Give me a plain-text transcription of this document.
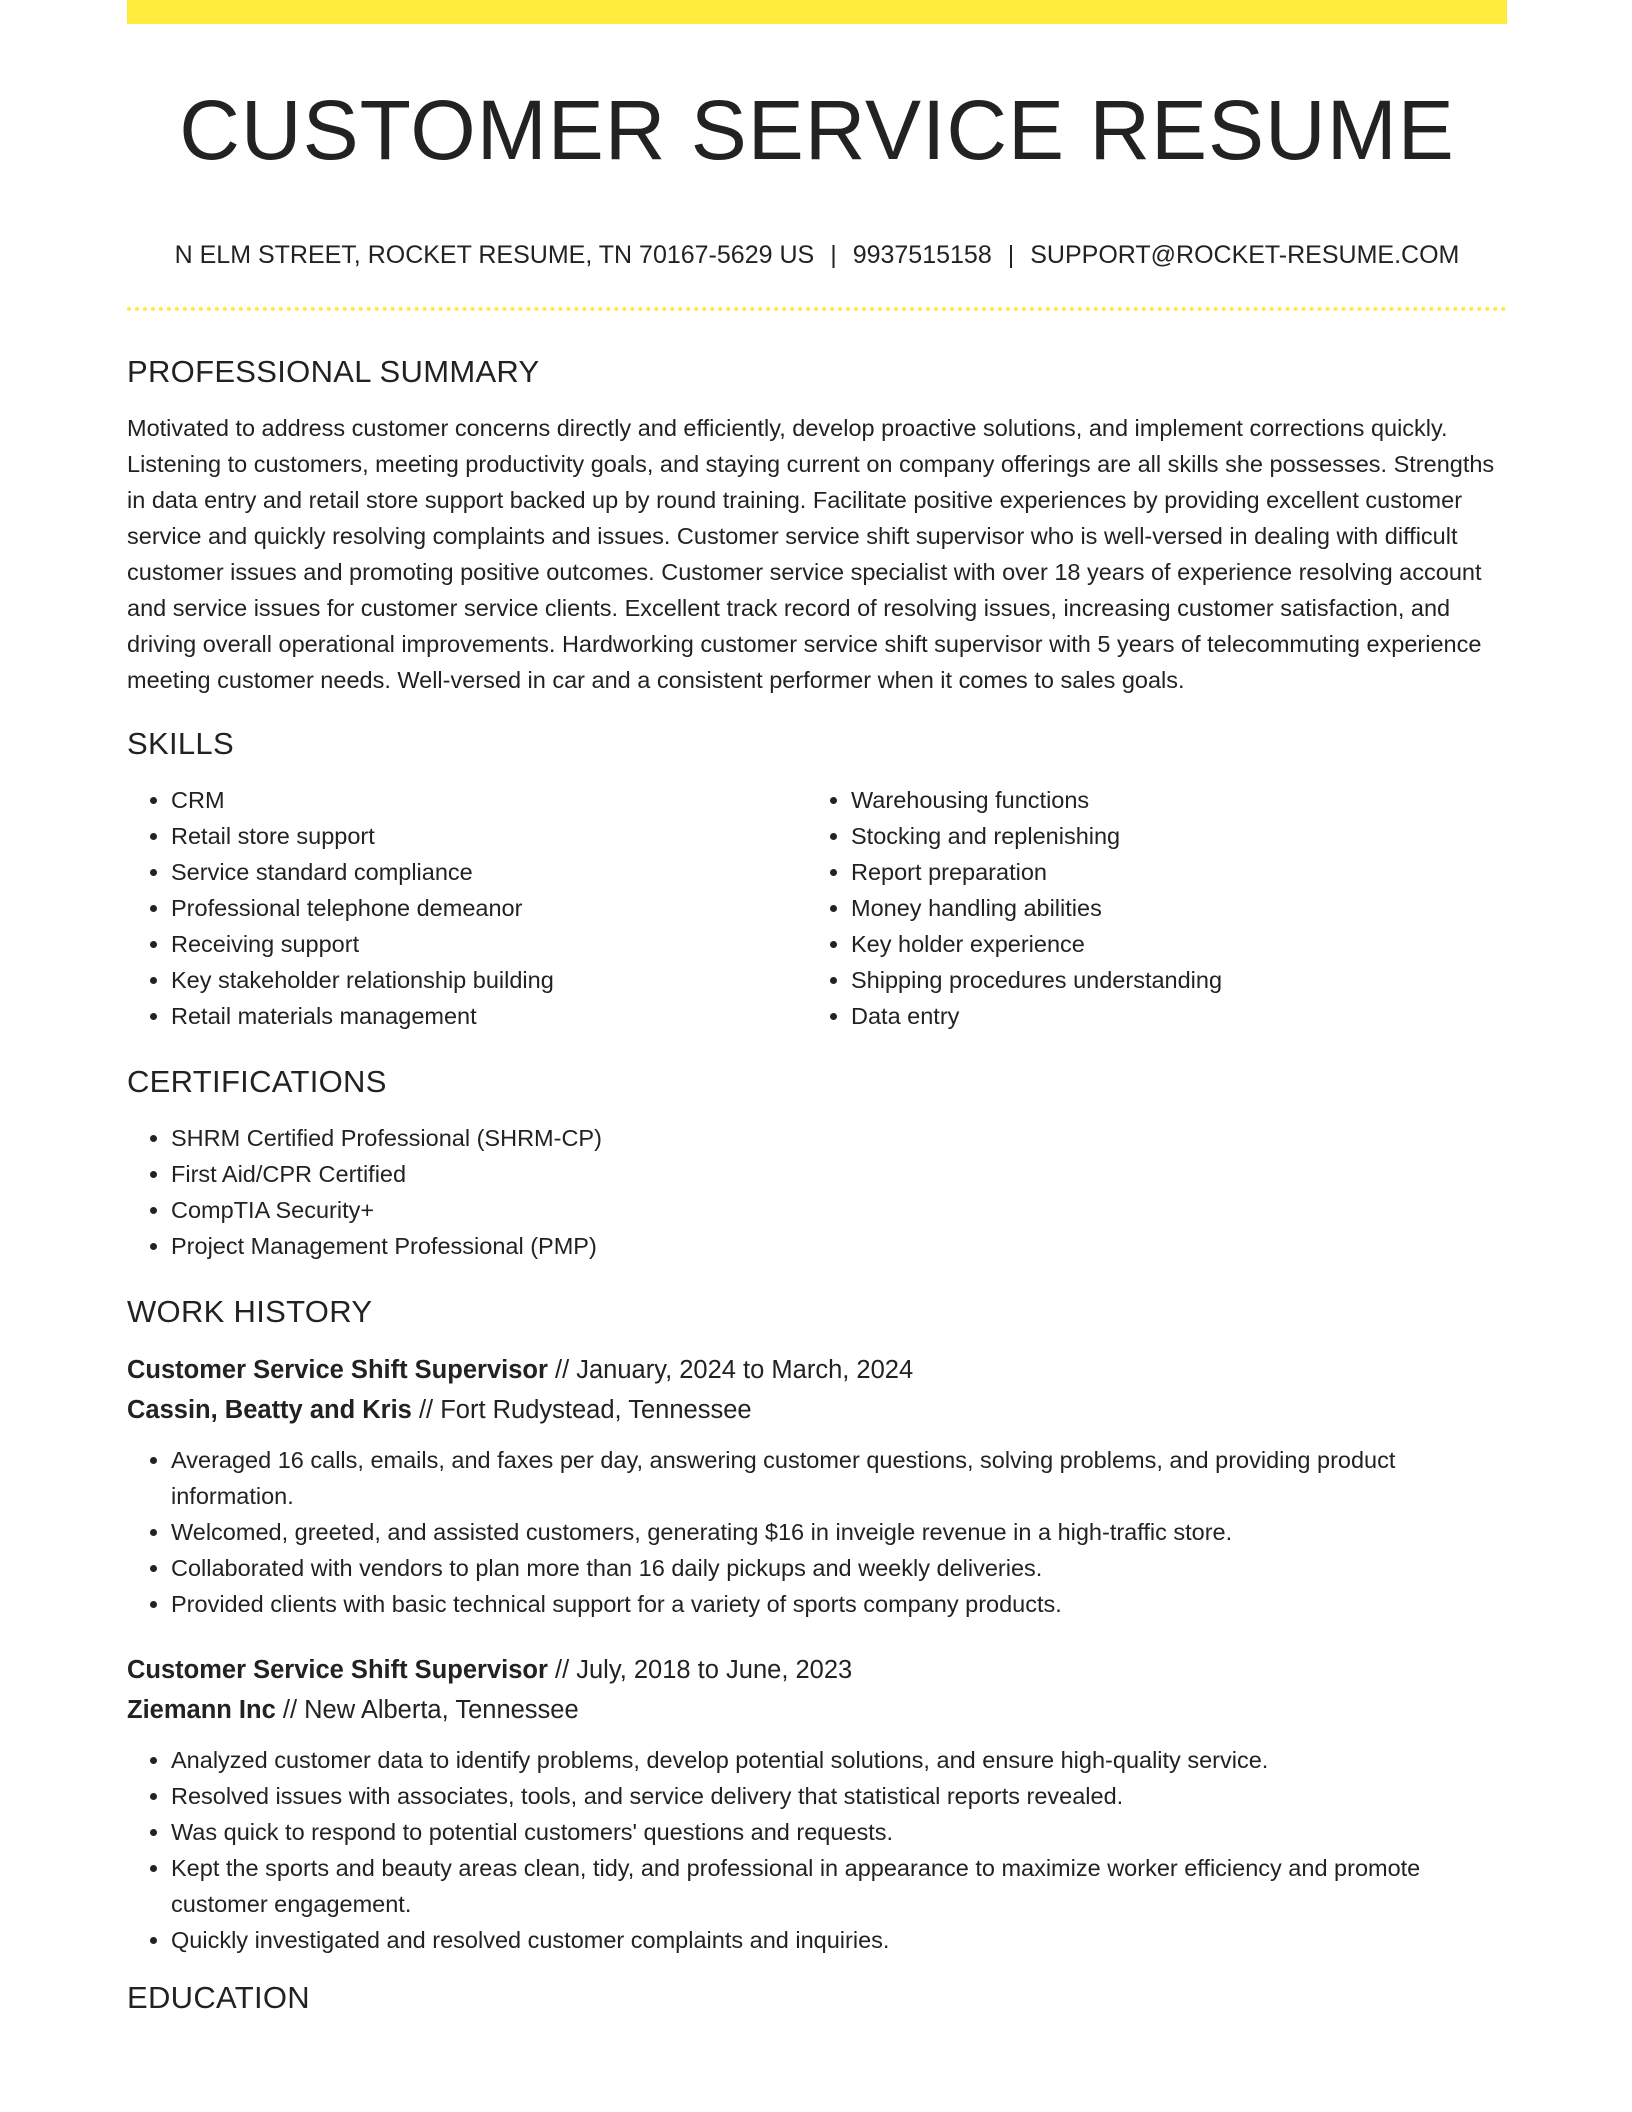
CUSTOMER SERVICE RESUME
N ELM STREET, ROCKET RESUME, TN 70167-5629 US | 9937515158 | SUPPORT@ROCKET-RESUME.COM
PROFESSIONAL SUMMARY

Motivated to address customer concerns directly and efficiently, develop proactive solutions, and implement corrections quickly. Listening to customers, meeting productivity goals, and staying current on company offerings are all skills she possesses. Strengths in data entry and retail store support backed up by round training. Facilitate positive experiences by providing excellent customer service and quickly resolving complaints and issues. Customer service shift supervisor who is well-versed in dealing with difficult customer issues and promoting positive outcomes. Customer service specialist with over 18 years of experience resolving account and service issues for customer service clients. Excellent track record of resolving issues, increasing customer satisfaction, and driving overall operational improvements. Hardworking customer service shift supervisor with 5 years of telecommuting experience meeting customer needs. Well-versed in car and a consistent performer when it comes to sales goals.

SKILLS
• CRM
• Retail store support
• Service standard compliance
• Professional telephone demeanor
• Receiving support
• Key stakeholder relationship building
• Retail materials management
• Warehousing functions
• Stocking and replenishing
• Report preparation
• Money handling abilities
• Key holder experience
• Shipping procedures understanding
• Data entry
CERTIFICATIONS
• SHRM Certified Professional (SHRM-CP)
• First Aid/CPR Certified
• CompTIA Security+
• Project Management Professional (PMP)
WORK HISTORY

Customer Service Shift Supervisor // January, 2024 to March, 2024

Cassin, Beatty and Kris // Fort Rudystead, Tennessee

• Averaged 16 calls, emails, and faxes per day, answering customer questions, solving problems, and providing product information.
• Welcomed, greeted, and assisted customers, generating $16 in inveigle revenue in a high-traffic store.
• Collaborated with vendors to plan more than 16 daily pickups and weekly deliveries.
• Provided clients with basic technical support for a variety of sports company products.

Customer Service Shift Supervisor // July, 2018 to June, 2023

Ziemann Inc // New Alberta, Tennessee

• Analyzed customer data to identify problems, develop potential solutions, and ensure high-quality service.
• Resolved issues with associates, tools, and service delivery that statistical reports revealed.
• Was quick to respond to potential customers' questions and requests.
• Kept the sports and beauty areas clean, tidy, and professional in appearance to maximize worker efficiency and promote customer engagement.
• Quickly investigated and resolved customer complaints and inquiries.
EDUCATION
